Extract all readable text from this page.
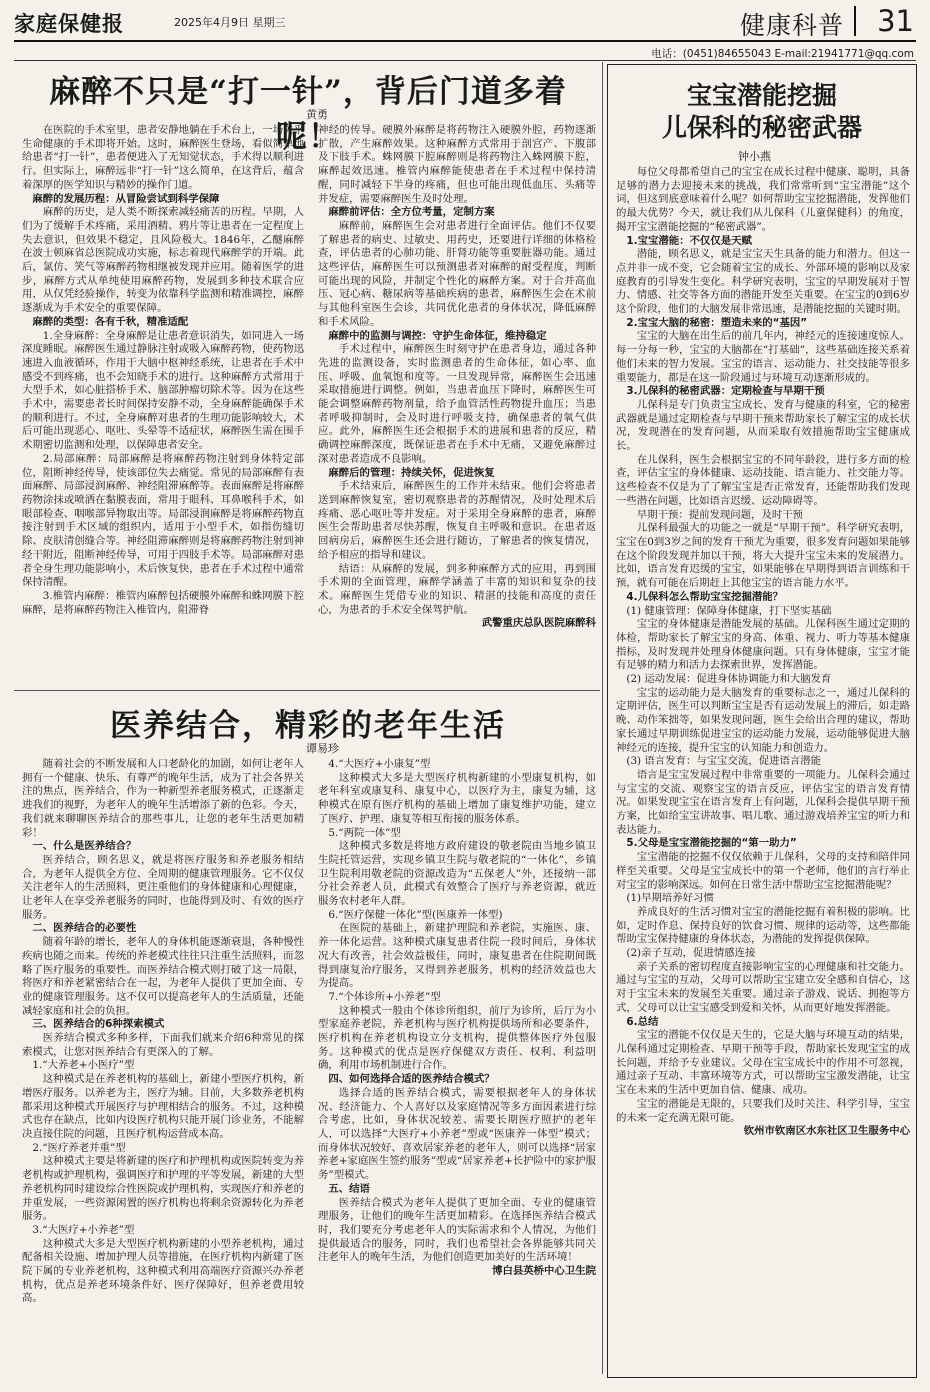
家庭保健报	2025年4月9日 星期三	健康科普 31
电话：(0451)84655043 E-mail:21941771@qq.com
麻醉不只是“打一针”，背后门道多着呢！
黄勇

在医院的手术室里，患者安静地躺在手术台上，一场关乎生命健康的手术即将开始。这时，麻醉医生登场，看似简单地给患者“打一针”，患者便进入了无知觉状态，手术得以顺利进行。但实际上，麻醉远非“打一针”这么简单，在这背后，蕴含着深厚的医学知识与精妙的操作门道。

麻醉的发展历程：从冒险尝试到科学保障

麻醉的历史，是人类不断探索减轻痛苦的历程。早期，人们为了缓解手术疼痛，采用酒精、鸦片等让患者在一定程度上失去意识，但效果不稳定，且风险极大。1846年，乙醚麻醉在波士顿麻省总医院成功实施，标志着现代麻醉学的开端。此后，氯仿、笑气等麻醉药物相继被发现并应用。随着医学的进步，麻醉方式从单纯使用麻醉药物，发展到多种技术联合应用，从仅凭经验操作，转变为依靠科学监测和精准调控，麻醉逐渐成为手术安全的重要保障。

麻醉的类型：各有千秋，精准适配

1.全身麻醉：全身麻醉是让患者意识消失，如同进入一场深度睡眠。麻醉医生通过静脉注射或吸入麻醉药物，使药物迅速进入血液循环，作用于大脑中枢神经系统，让患者在手术中感受不到疼痛，也不会知晓手术的进行。这种麻醉方式常用于大型手术，如心脏搭桥手术、脑部肿瘤切除术等。因为在这些手术中，需要患者长时间保持安静不动，全身麻醉能确保手术的顺利进行。不过，全身麻醉对患者的生理功能影响较大，术后可能出现恶心、呕吐、头晕等不适症状，麻醉医生需在围手术期密切监测和处理，以保障患者安全。

2.局部麻醉：局部麻醉是将麻醉药物注射到身体特定部位，阻断神经传导，使该部位失去痛觉。常见的局部麻醉有表面麻醉、局部浸润麻醉、神经阻滞麻醉等。表面麻醉是将麻醉药物涂抹或喷洒在黏膜表面，常用于眼科、耳鼻喉科手术，如眼部检查、咽喉部异物取出等。局部浸润麻醉是将麻醉药物直接注射到手术区域的组织内，适用于小型手术，如指伤缝切除、皮肤清创缝合等。神经阻滞麻醉则是将麻醉药物注射到神经干附近，阻断神经传导，可用于四肢手术等。局部麻醉对患者全身生理功能影响小，术后恢复快，患者在手术过程中通常保持清醒。

3.椎管内麻醉：椎管内麻醉包括硬膜外麻醉和蛛网膜下腔麻醉，是将麻醉药物注入椎管内，阻滞脊

神经的传导。硬膜外麻醉是将药物注入硬膜外腔，药物逐渐扩散，产生麻醉效果。这种麻醉方式常用于剖宫产、下腹部及下肢手术。蛛网膜下腔麻醉则是将药物注入蛛网膜下腔，麻醉起效迅速。椎管内麻醉能使患者在手术过程中保持清醒，同时减轻下半身的疼痛，但也可能出现低血压、头痛等并发症，需要麻醉医生及时处理。

麻醉前评估：全方位考量，定制方案

麻醉前，麻醉医生会对患者进行全面评估。他们不仅要了解患者的病史、过敏史、用药史，还要进行详细的体格检查，评估患者的心肺功能、肝肾功能等重要脏器功能。通过这些评估，麻醉医生可以预测患者对麻醉的耐受程度，判断可能出现的风险，并制定个性化的麻醉方案。对于合并高血压、冠心病、糖尿病等基础疾病的患者，麻醉医生会在术前与其他科室医生会诊，共同优化患者的身体状况，降低麻醉和手术风险。

麻醉中的监测与调控：守护生命体征，维持稳定

手术过程中，麻醉医生时刻守护在患者身边，通过各种先进的监测设备，实时监测患者的生命体征，如心率、血压、呼吸、血氧饱和度等。一旦发现异常，麻醉医生会迅速采取措施进行调整。例如，当患者血压下降时，麻醉医生可能会调整麻醉药物剂量，给予血管活性药物提升血压；当患者呼吸抑制时，会及时进行呼吸支持，确保患者的氧气供应。此外，麻醉医生还会根据手术的进展和患者的反应，精确调控麻醉深度，既保证患者在手术中无痛，又避免麻醉过深对患者造成不良影响。

麻醉后的管理：持续关怀，促进恢复

手术结束后，麻醉医生的工作并未结束。他们会将患者送到麻醉恢复室，密切观察患者的苏醒情况，及时处理术后疼痛、恶心呕吐等并发症。对于采用全身麻醉的患者，麻醉医生会帮助患者尽快苏醒，恢复自主呼吸和意识。在患者返回病房后，麻醉医生还会进行随访，了解患者的恢复情况，给予相应的指导和建议。

结语：从麻醉的发展，到多种麻醉方式的应用，再到围手术期的全面管理，麻醉学涵盖了丰富的知识和复杂的技术。麻醉医生凭借专业的知识、精湛的技能和高度的责任心，为患者的手术安全保驾护航。

武警重庆总队医院麻醉科

医养结合，精彩的老年生活
谭易珍

随着社会的不断发展和人口老龄化的加剧，如何让老年人拥有一个健康、快乐、有尊严的晚年生活，成为了社会各界关注的焦点，医养结合，作为一种新型养老服务模式，正逐渐走进我们的视野，为老年人的晚年生活增添了新的色彩。今天，我们就来聊聊医养结合的那些事儿，让您的老年生活更加精彩！

一、什么是医养结合？

医养结合，顾名思义，就是将医疗服务和养老服务相结合，为老年人提供全方位、全周期的健康管理服务。它不仅仅关注老年人的生活照料，更注重他们的身体健康和心理健康，让老年人在享受养老服务的同时，也能得到及时、有效的医疗服务。

二、医养结合的必要性

随着年龄的增长，老年人的身体机能逐渐衰退，各种慢性疾病也随之而来。传统的养老模式往往只注重生活照料，而忽略了医疗服务的重要性。而医养结合模式则打破了这一局限，将医疗和养老紧密结合在一起，为老年人提供了更加全面、专业的健康管理服务。这不仅可以提高老年人的生活质量，还能减轻家庭和社会的负担。

三、医养结合的6种探索模式

医养结合模式多种多样，下面我们就来介绍6种常见的探索模式，让您对医养结合有更深入的了解。

1.“大养老+小医疗”型

这种模式是在养老机构的基础上，新建小型医疗机构，新增医疗服务。以养老为主，医疗为辅。目前，大多数养老机构都采用这种模式开展医疗与护理相结合的服务。不过，这种模式也存在缺点，比如内设医疗机构只能开展门诊业务，不能解决直接住院的问题，且医疗机构运营成本高。

2.“医疗养老并重”型

这种模式主要是将新建的医疗和护理机构或医院转变为养老机构或护理机构，强调医疗和护理的平等发展，新建的大型养老机构同时建设综合性医院或护理机构，实现医疗和养老的并重发展，一些资源闲置的医疗机构也将剩余资源转化为养老服务。

3.“大医疗+小养老”型

这种模式大多是大型医疗机构新建的小型养老机构，通过配备相关设施、增加护理人员等措施，在医疗机构内新建了医院下属的专业养老机构，这种模式利用高端医疗资源兴办养老机构，优点是养老环境条件好、医疗保障好，但养老费用较高。

4.“大医疗+小康复”型

这种模式大多是大型医疗机构新建的小型康复机构，如老年科室或康复科、康复中心，以医疗为主，康复为辅，这种模式在原有医疗机构的基础上增加了康复维护功能，建立了医疗、护理、康复等相互衔接的服务体系。

5.“两院一体”型

这种模式多数是将地方政府建设的敬老院由当地乡镇卫生院托管运营，实现乡镇卫生院与敬老院的“一体化”，乡镇卫生院利用敬老院的资源改造为“五保老人”外，还接纳一部分社会养老人员，此模式有效整合了医疗与养老资源，就近服务农村老年人群。

6.“医疗保健一体化”型(医康养一体型)

在医院的基础上，新建护理院和养老院，实施医、康、养一体化运营。这种模式康复患者住院一段时间后，身体状况大有改善，社会效益极佳，同时，康复患者在住院期间既得到康复治疗服务，又得到养老服务，机构的经济效益也大为提高。

7.“个体诊所+小养老”型

这种模式一般由个体诊所组织，前厅为诊所，后厅为小型家庭养老院，养老机构与医疗机构提供场所和必要条件，医疗机构在养老机构设立分支机构，提供整体医疗外包服务。这种模式的优点是医疗保健双方责任、权利、利益明确，利用市场机制进行合作。

四、如何选择合适的医养结合模式？

选择合适的医养结合模式，需要根据老年人的身体状况、经济能力、个人喜好以及家庭情况等多方面因素进行综合考虑，比如，身体状况较差、需要长期医疗照护的老年人，可以选择“大医疗+小养老”型或“医康养一体型”模式；而身体状况较好、喜欢居家养老的老年人，则可以选择“居家养老+家庭医生签约服务”型或“居家养老+长护险中的家护服务”型模式。

五、结语

医养结合模式为老年人提供了更加全面、专业的健康管理服务，让他们的晚年生活更加精彩。在选择医养结合模式时，我们要充分考虑老年人的实际需求和个人情况，为他们提供最适合的服务，同时，我们也希望社会各界能够共同关注老年人的晚年生活，为他们创造更加美好的生活环境！

博白县英桥中心卫生院

宝宝潜能挖掘
儿保科的秘密武器
钟小燕

每位父母都希望自己的宝宝在成长过程中健康、聪明，具备足够的潜力去迎接未来的挑战，我们常常听到“宝宝潜能”这个词，但这到底意味着什么呢？如何帮助宝宝挖掘潜能，发挥他们的最大优势？今天，就让我们从儿保科（儿童保健科）的角度，揭开宝宝潜能挖掘的“秘密武器”。

1.宝宝潜能：不仅仅是天赋

潜能，顾名思义，就是宝宝天生具备的能力和潜力。但这一点并非一成不变，它会随着宝宝的成长、外部环境的影响以及家庭教育的引导发生变化。科学研究表明，宝宝的早期发展对于智力、情感、社交等各方面的潜能开发至关重要。在宝宝的0到6岁这个阶段，他们的大脑发展非常迅速，是潜能挖掘的关键时期。

2.宝宝大脑的秘密：塑造未来的“基因”

宝宝的大脑在出生后的前几年内，神经元的连接速度惊人。每一分每一秒，宝宝的大脑都在“打基础”，这些基础连接关系着他们未来的智力发展。宝宝的语言、运动能力、社交技能等很多重要能力，都是在这一阶段通过与环境互动逐渐形成的。

3.儿保科的秘密武器：定期检查与早期干预

儿保科是专门负责宝宝成长、发育与健康的科室，它的秘密武器就是通过定期检查与早期干预来帮助家长了解宝宝的成长状况，发现潜在的发育问题，从而采取有效措施帮助宝宝健康成长。

在儿保科，医生会根据宝宝的不同年龄段，进行多方面的检查，评估宝宝的身体健康、运动技能、语言能力、社交能力等。这些检查不仅是为了了解宝宝是否正常发育，还能帮助我们发现一些潜在问题，比如语言迟缓、运动障碍等。

早期干预：提前发现问题，及时干预

儿保科最强大的功能之一就是“早期干预”。科学研究表明，宝宝在0到3岁之间的发育干预尤为重要，很多发育问题如果能够在这个阶段发现并加以干预，将大大提升宝宝未来的发展潜力。比如，语言发育迟缓的宝宝，如果能够在早期得到语言训练和干预，就有可能在后期赶上其他宝宝的语言能力水平。

4.儿保科怎么帮助宝宝挖掘潜能？

(1) 健康管理：保障身体健康，打下坚实基础

宝宝的身体健康是潜能发展的基础。儿保科医生通过定期的体检，帮助家长了解宝宝的身高、体重、视力、听力等基本健康指标，及时发现并处理身体健康问题。只有身体健康，宝宝才能有足够的精力和活力去探索世界，发挥潜能。

(2) 运动发展：促进身体协调能力和大脑发育

宝宝的运动能力是大脑发育的重要标志之一，通过儿保科的定期评估，医生可以判断宝宝是否有运动发展上的滞后，如走路晚、动作笨拙等，如果发现问题，医生会给出合理的建议，帮助家长通过早期训练促进宝宝的运动能力发展，运动能够促进大脑神经元的连接，提升宝宝的认知能力和创造力。

(3) 语言发育：与宝宝交流，促进语言潜能

语言是宝宝发展过程中非常重要的一项能力。儿保科会通过与宝宝的交流、观察宝宝的语言反应，评估宝宝的语言发育情况。如果发现宝宝在语言发育上有问题，儿保科会提供早期干预方案，比如给宝宝讲故事、唱儿歌、通过游戏培养宝宝的听力和表达能力。

5.父母是宝宝潜能挖掘的“第一助力”

宝宝潜能的挖掘不仅仅依赖于儿保科，父母的支持和陪伴同样至关重要。父母是宝宝成长中的第一个老师，他们的言行举止对宝宝的影响深远。如何在日常生活中帮助宝宝挖掘潜能呢？

(1)早期培养好习惯

养成良好的生活习惯对宝宝的潜能挖掘有着积极的影响。比如，定时作息、保持良好的饮食习惯、规律的运动等，这些都能帮助宝宝保持健康的身体状态，为潜能的发挥提供保障。

(2)亲子互动，促进情感连接

亲子关系的密切程度直接影响宝宝的心理健康和社交能力。通过与宝宝的互动，父母可以帮助宝宝建立安全感和自信心，这对于宝宝未来的发展至关重要。通过亲子游戏、说话、拥抱等方式，父母可以让宝宝感受到爱和关怀，从而更好地发挥潜能。

6.总结

宝宝的潜能不仅仅是天生的，它是大脑与环境互动的结果，儿保科通过定期检查、早期干预等手段，帮助家长发现宝宝的成长问题，并给予专业建议。父母在宝宝成长中的作用不可忽视，通过亲子互动、丰富环境等方式，可以帮助宝宝激发潜能，让宝宝在未来的生活中更加自信、健康、成功。

宝宝的潜能是无限的，只要我们及时关注、科学引导，宝宝的未来一定充满无限可能。

钦州市钦南区水东社区卫生服务中心
